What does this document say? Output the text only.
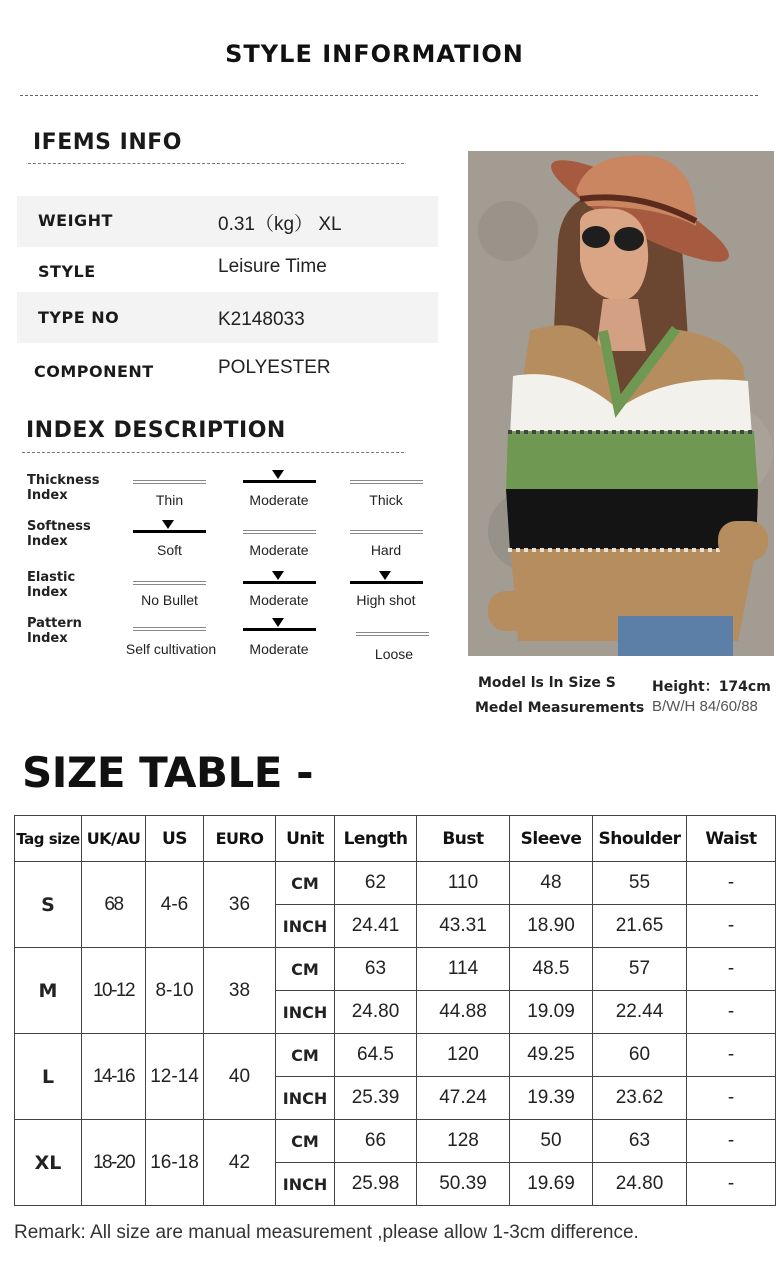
STYLE INFORMATION
IFEMS INFO
WEIGHT	0.31（kg） XL
STYLE	Leisure Time
TYPE NO	K2148033
COMPONENT	POLYESTER
INDEX DESCRIPTION
Thickness
Index	Thin	Moderate	Thick
Softness
Index
Soft	Moderate	Hard
Elastic
Index	No Bullet	Moderate	High shot
Pattern
Index
Self cultivation	Moderate	Loose
Model ls ln Size S	Height：174cm
Medel Measurements B/W/H 84/60/88
SIZE TABLE -
Tag size	UK/AU	US	EURO	Unit	Length	Bust	Sleeve	Shoulder	Waist
S	68	4-6	36	CM	62	110	48	55	-
				INCH	24.41	43.31	18.90	21.65	-
M	10-12	8-10	38	CM	63	114	48.5	57	-
				INCH	24.80	44.88	19.09	22.44	-
L	14-16	12-14	40	CM	64.5	120	49.25	60	-
				INCH	25.39	47.24	19.39	23.62	-
XL	18-20	16-18	42	CM	66	128	50	63	-
				INCH	25.98	50.39	19.69	24.80	-
Remark: All size are manual measurement ,please allow 1-3cm difference.
